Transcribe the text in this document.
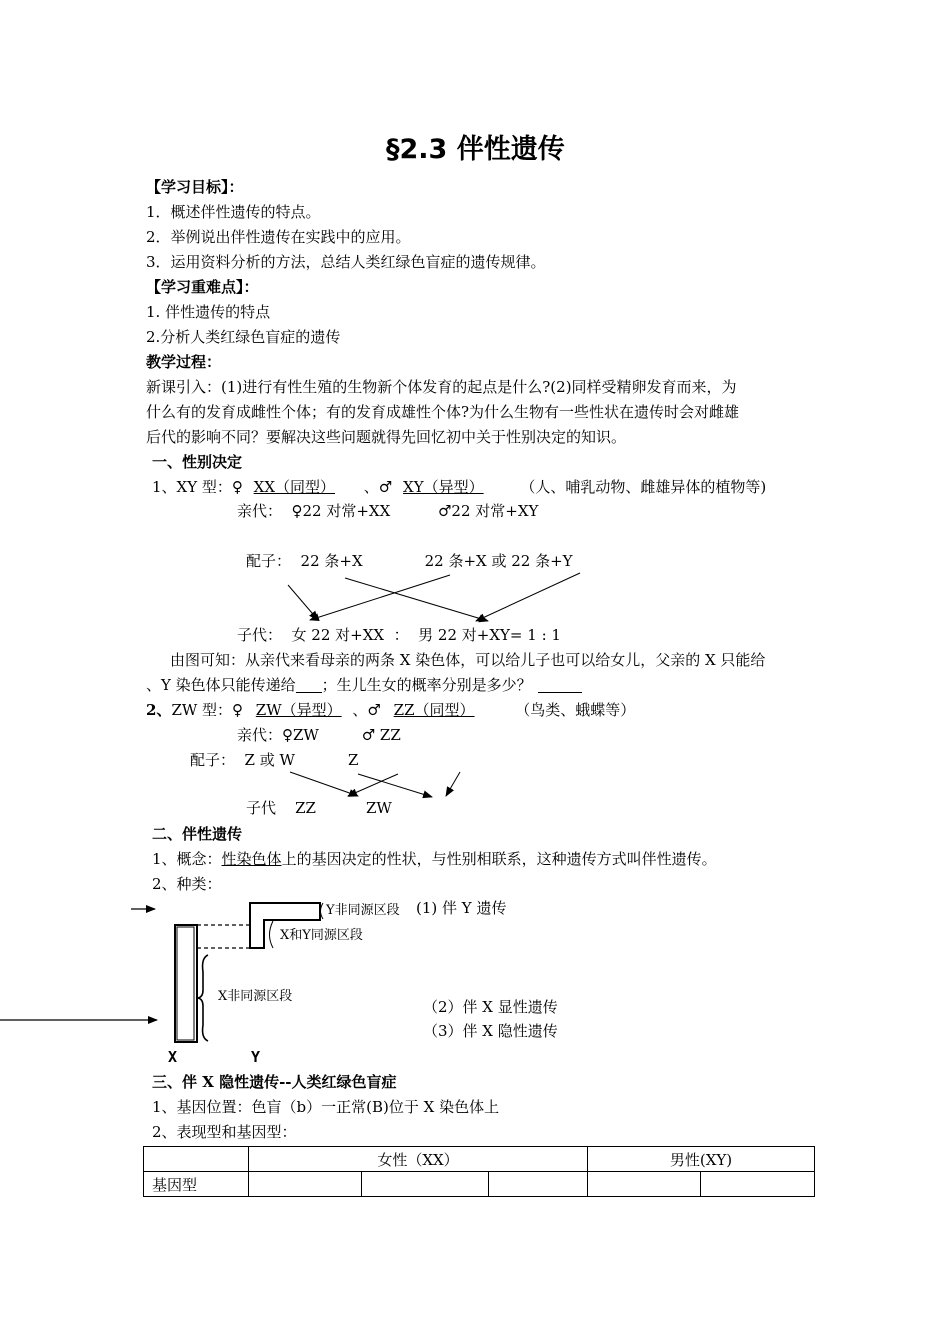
§2.3 伴性遗传
【学习目标】：
1．概述伴性遗传的特点。
2．举例说出伴性遗传在实践中的应用。
3．运用资料分析的方法，总结人类红绿色盲症的遗传规律。
【学习重难点】：
1. 伴性遗传的特点
2.分析人类红绿色盲症的遗传
教学过程：
新课引入：(1)进行有性生殖的生物新个体发育的起点是什么?(2)同样受精卵发育而来，为
什么有的发育成雌性个体；有的发育成雄性个体?为什么生物有一些性状在遗传时会对雌雄
后代的影响不同？要解决这些问题就得先回忆初中关于性别决定的知识。
一、性别决定
1、XY 型：♀ XX（同型） 、♂ XY（异型） （人、哺乳动物、雌雄异体的植物等)
亲代：  ♀22 对常+XX          ♂22 对常+XY
配子：  22 条+X             22 条+X 或 22 条+Y
子代：  女 22 对+XX  ：  男 22 对+XY= 1 : 1
由图可知：从亲代来看母亲的两条 X 染色体，可以给儿子也可以给女儿，父亲的 X 只能给
、Y 染色体只能传递给 ；生儿生女的概率分别是多少？
2、ZW 型：♀ ZW（异型） 、♂ ZZ（同型）	（鸟类、蛾蝶等）
亲代：♀ZW         ♂ ZZ
配子：  Z 或 W	Z
子代    ZZ	ZW
二、伴性遗传
1、概念：性染色体上的基因决定的性状，与性别相联系，这种遗传方式叫伴性遗传。
2、种类：
Y非同源区段
X和Y同源区段
X非同源区段
(1) 伴 Y 遗传
（2）伴 X 显性遗传
（3）伴 X 隐性遗传
X	Y
三、伴 X 隐性遗传--人类红绿色盲症
1、基因位置：色盲（b）一正常(B)位于 X 染色体上
2、表现型和基因型：
	女性（XX）			男性(XY)	
基因型					
